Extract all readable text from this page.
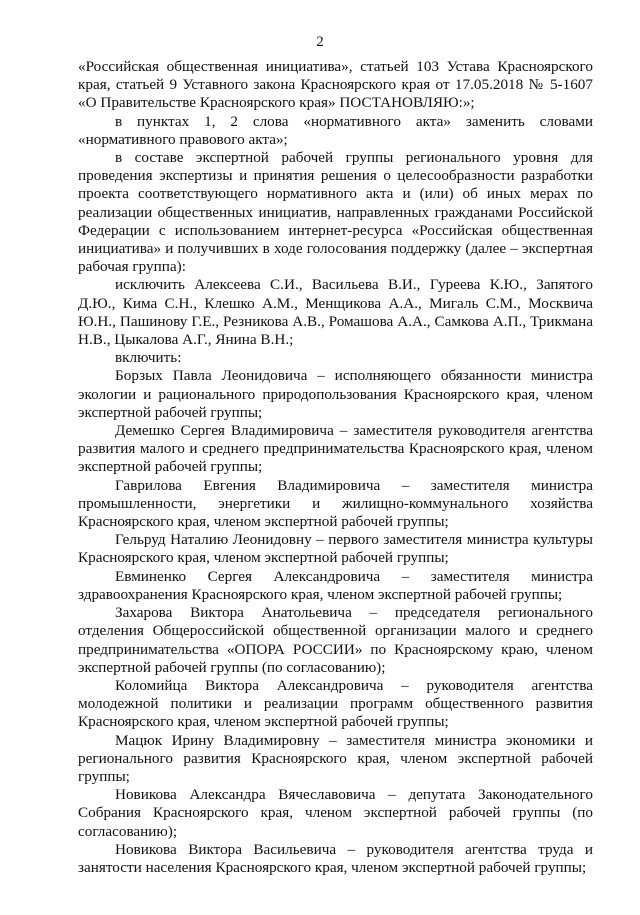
2

«Российская общественная инициатива», статьей 103 Устава Красноярского края, статьей 9 Уставного закона Красноярского края от 17.05.2018 № 5-1607 «О Правительстве Красноярского края» ПОСТАНОВЛЯЮ:»;

в пунктах 1, 2 слова «нормативного акта» заменить словами «нормативного правового акта»;

в составе экспертной рабочей группы регионального уровня для проведения экспертизы и принятия решения о целесообразности разработки проекта соответствующего нормативного акта и (или) об иных мерах по реализации общественных инициатив, направленных гражданами Российской Федерации с использованием интернет-ресурса «Российская общественная инициатива» и получивших в ходе голосования поддержку (далее – экспертная рабочая группа):

исключить Алексеева С.И., Васильева В.И., Гуреева К.Ю., Запятого Д.Ю., Кима С.Н., Клешко А.М., Менщикова А.А., Мигаль С.М., Москвича Ю.Н., Пашинову Г.Е., Резникова А.В., Ромашова А.А., Самкова А.П., Трикмана Н.В., Цыкалова А.Г., Янина В.Н.;

включить:

Борзых Павла Леонидовича – исполняющего обязанности министра экологии и рационального природопользования Красноярского края, членом экспертной рабочей группы;

Демешко Сергея Владимировича – заместителя руководителя агентства развития малого и среднего предпринимательства Красноярского края, членом экспертной рабочей группы;

Гаврилова Евгения Владимировича – заместителя министра промышленности, энергетики и жилищно-коммунального хозяйства Красноярского края, членом экспертной рабочей группы;

Гельруд Наталию Леонидовну – первого заместителя министра культуры Красноярского края, членом экспертной рабочей группы;

Евминенко Сергея Александровича – заместителя министра здравоохранения Красноярского края, членом экспертной рабочей группы;

Захарова Виктора Анатольевича – председателя регионального отделения Общероссийской общественной организации малого и среднего предпринимательства «ОПОРА РОССИИ» по Красноярскому краю, членом экспертной рабочей группы (по согласованию);

Коломийца Виктора Александровича – руководителя агентства молодежной политики и реализации программ общественного развития Красноярского края, членом экспертной рабочей группы;

Мацюк Ирину Владимировну – заместителя министра экономики и регионального развития Красноярского края, членом экспертной рабочей группы;

Новикова Александра Вячеславовича – депутата Законодательного Собрания Красноярского края, членом экспертной рабочей группы (по согласованию);

Новикова Виктора Васильевича – руководителя агентства труда и занятости населения Красноярского края, членом экспертной рабочей группы;
